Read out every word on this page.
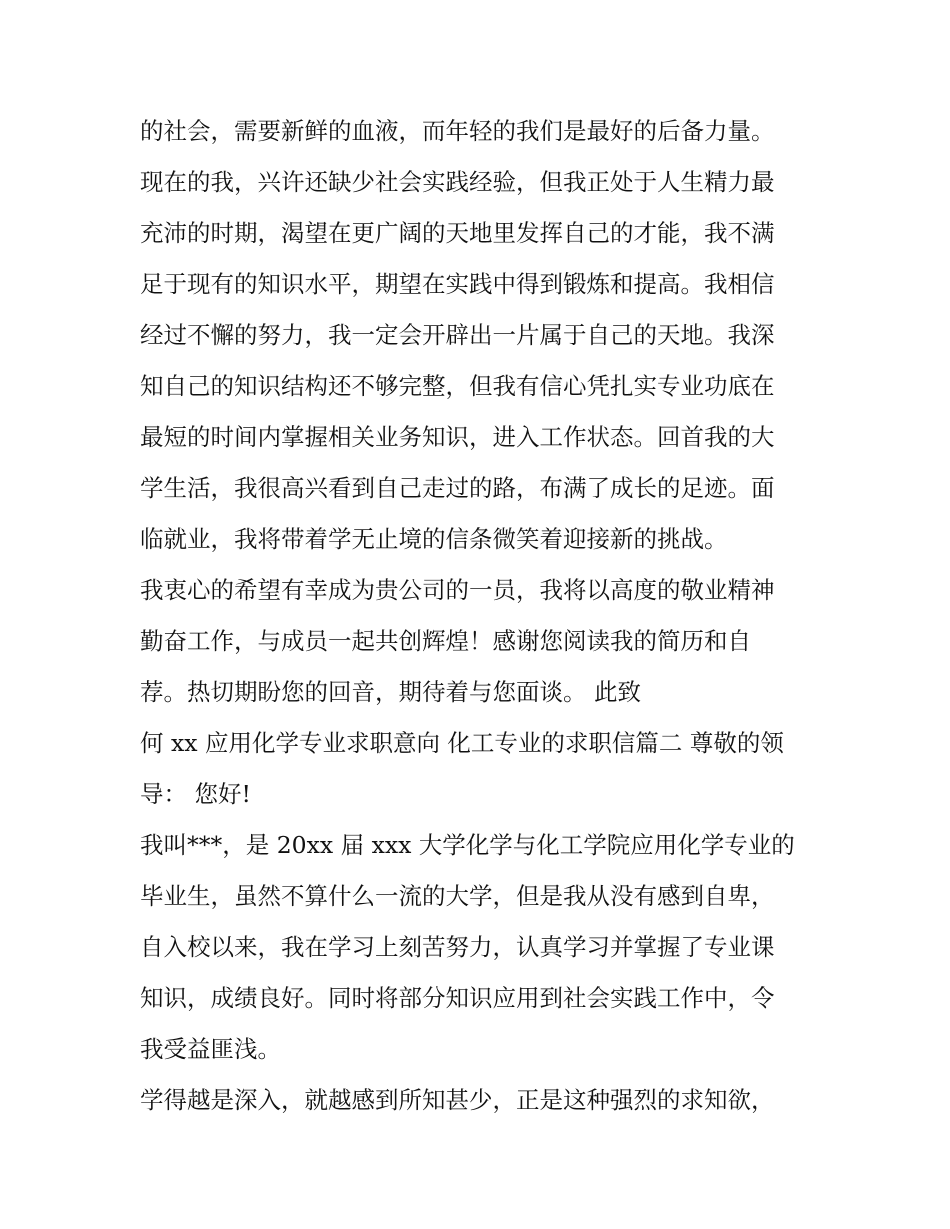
的社会，需要新鲜的血液，而年轻的我们是最好的后备力量。
现在的我，兴许还缺少社会实践经验，但我正处于人生精力最
充沛的时期，渴望在更广阔的天地里发挥自己的才能，我不满
足于现有的知识水平，期望在实践中得到锻炼和提高。我相信
经过不懈的努力，我一定会开辟出一片属于自己的天地。我深
知自己的知识结构还不够完整，但我有信心凭扎实专业功底在
最短的时间内掌握相关业务知识，进入工作状态。回首我的大
学生活，我很高兴看到自己走过的路，布满了成长的足迹。面
临就业，我将带着学无止境的信条微笑着迎接新的挑战。
我衷心的希望有幸成为贵公司的一员，我将以高度的敬业精神
勤奋工作，与成员一起共创辉煌！感谢您阅读我的简历和自
荐。热切期盼您的回音，期待着与您面谈。 此致
何 xx 应用化学专业求职意向 化工专业的求职信篇二 尊敬的领
导： 您好!
我叫***，是 20xx 届 xxx 大学化学与化工学院应用化学专业的
毕业生，虽然不算什么一流的大学，但是我从没有感到自卑，
自入校以来，我在学习上刻苦努力，认真学习并掌握了专业课
知识，成绩良好。同时将部分知识应用到社会实践工作中，令
我受益匪浅。
学得越是深入，就越感到所知甚少，正是这种强烈的求知欲，
